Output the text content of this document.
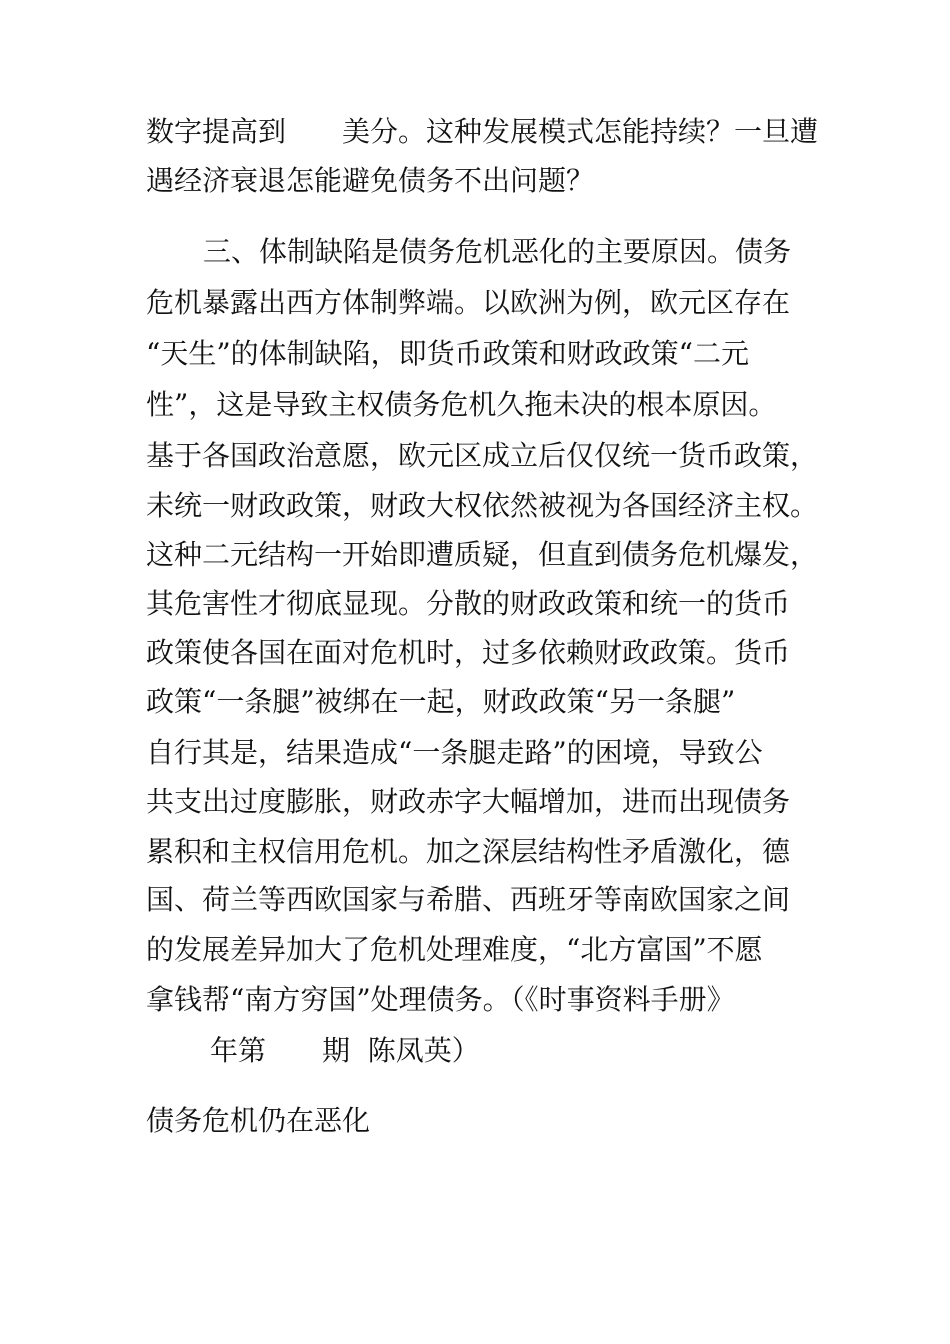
数字提高到　　美分。这种发展模式怎能持续？一旦遭
遇经济衰退怎能避免债务不出问题？
三、体制缺陷是债务危机恶化的主要原因。债务
危机暴露出西方体制弊端。以欧洲为例，欧元区存在
“天生”的体制缺陷，即货币政策和财政政策“二元
性”，这是导致主权债务危机久拖未决的根本原因。
基于各国政治意愿，欧元区成立后仅仅统一货币政策，
未统一财政政策，财政大权依然被视为各国经济主权。
这种二元结构一开始即遭质疑，但直到债务危机爆发，
其危害性才彻底显现。分散的财政政策和统一的货币
政策使各国在面对危机时，过多依赖财政政策。货币
政策“一条腿”被绑在一起，财政政策“另一条腿”
自行其是，结果造成“一条腿走路”的困境，导致公
共支出过度膨胀，财政赤字大幅增加，进而出现债务
累积和主权信用危机。加之深层结构性矛盾激化，德
国、荷兰等西欧国家与希腊、西班牙等南欧国家之间
的发展差异加大了危机处理难度，“北方富国”不愿
拿钱帮“南方穷国”处理债务。（《时事资料手册》
年第　　期  陈凤英）
债务危机仍在恶化
